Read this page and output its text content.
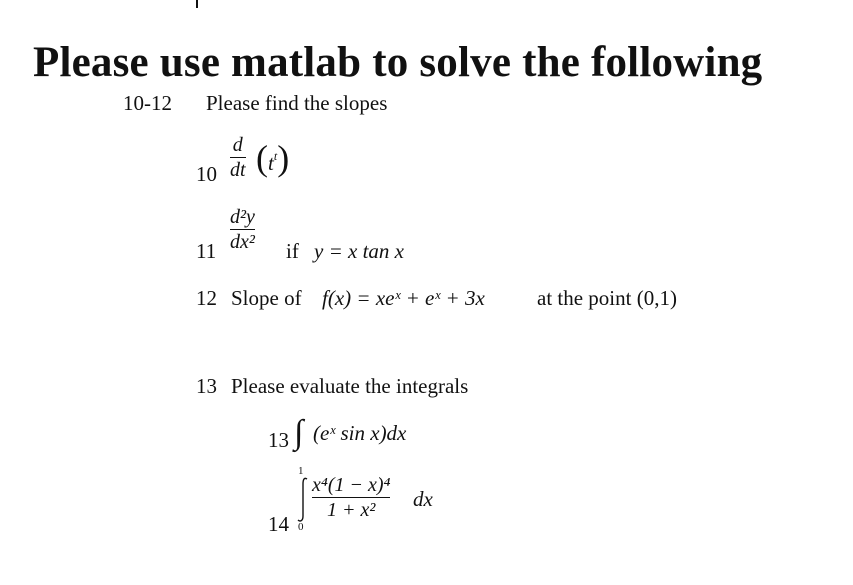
Please use matlab to solve the following
10-12 Please find the slopes
10
d
dt $(t^t)$
11
d²y
dx² if y = x tan x
12 Slope of f(x) = xeˣ + eˣ + 3x at the point (0,1)
13 Please evaluate the integrals
13 ∫ (eˣ sin x)dx
14
1
0
x⁴(1 − x)⁴
1 + x² dx
